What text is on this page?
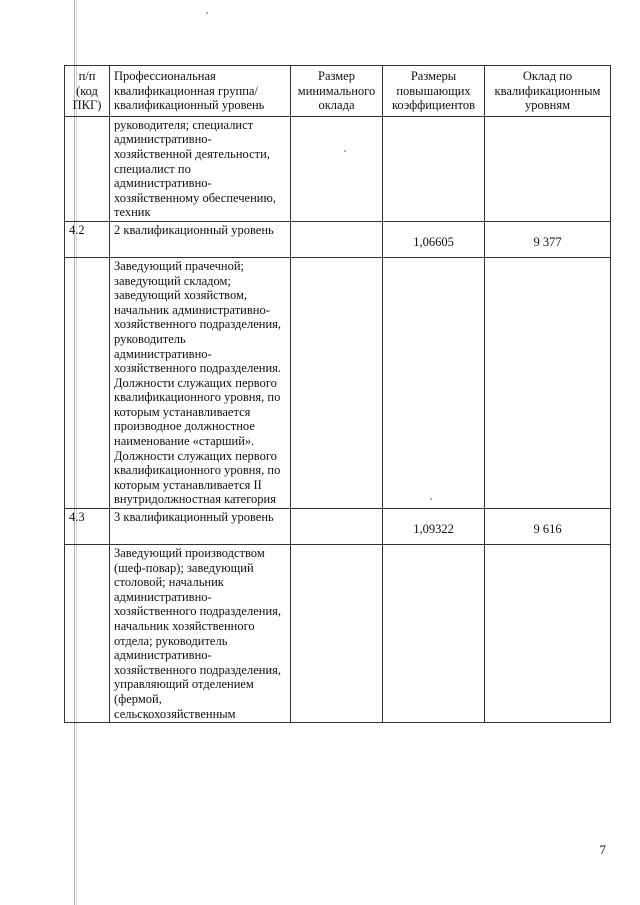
п/п (код ПКГ)	Профессиональная квалификационная группа/квалификационный уровень	Размер минимального оклада	Размеры повышающих коэффициентов	Оклад по квалификационным уровням
	руководителя; специалист административно-хозяйственной деятельности, специалист по административно-хозяйственному обеспечению, техник			
4.2	2 квалификационный уровень		1,06605	9 377
	Заведующий прачечной; заведующий складом; заведующий хозяйством, начальник административно-хозяйственного подразделения, руководитель административно-хозяйственного подразделения. Должности служащих первого квалификационного уровня, по которым устанавливается производное должностное наименование «старший». Должности служащих первого квалификационного уровня, по которым устанавливается II внутридолжностная категория			
4.3	3 квалификационный уровень		1,09322	9 616
	Заведующий производством (шеф-повар); заведующий столовой; начальник административно-хозяйственного подразделения, начальник хозяйственного отдела; руководитель административно-хозяйственного подразделения, управляющий отделением (фермой, сельскохозяйственным			
7
